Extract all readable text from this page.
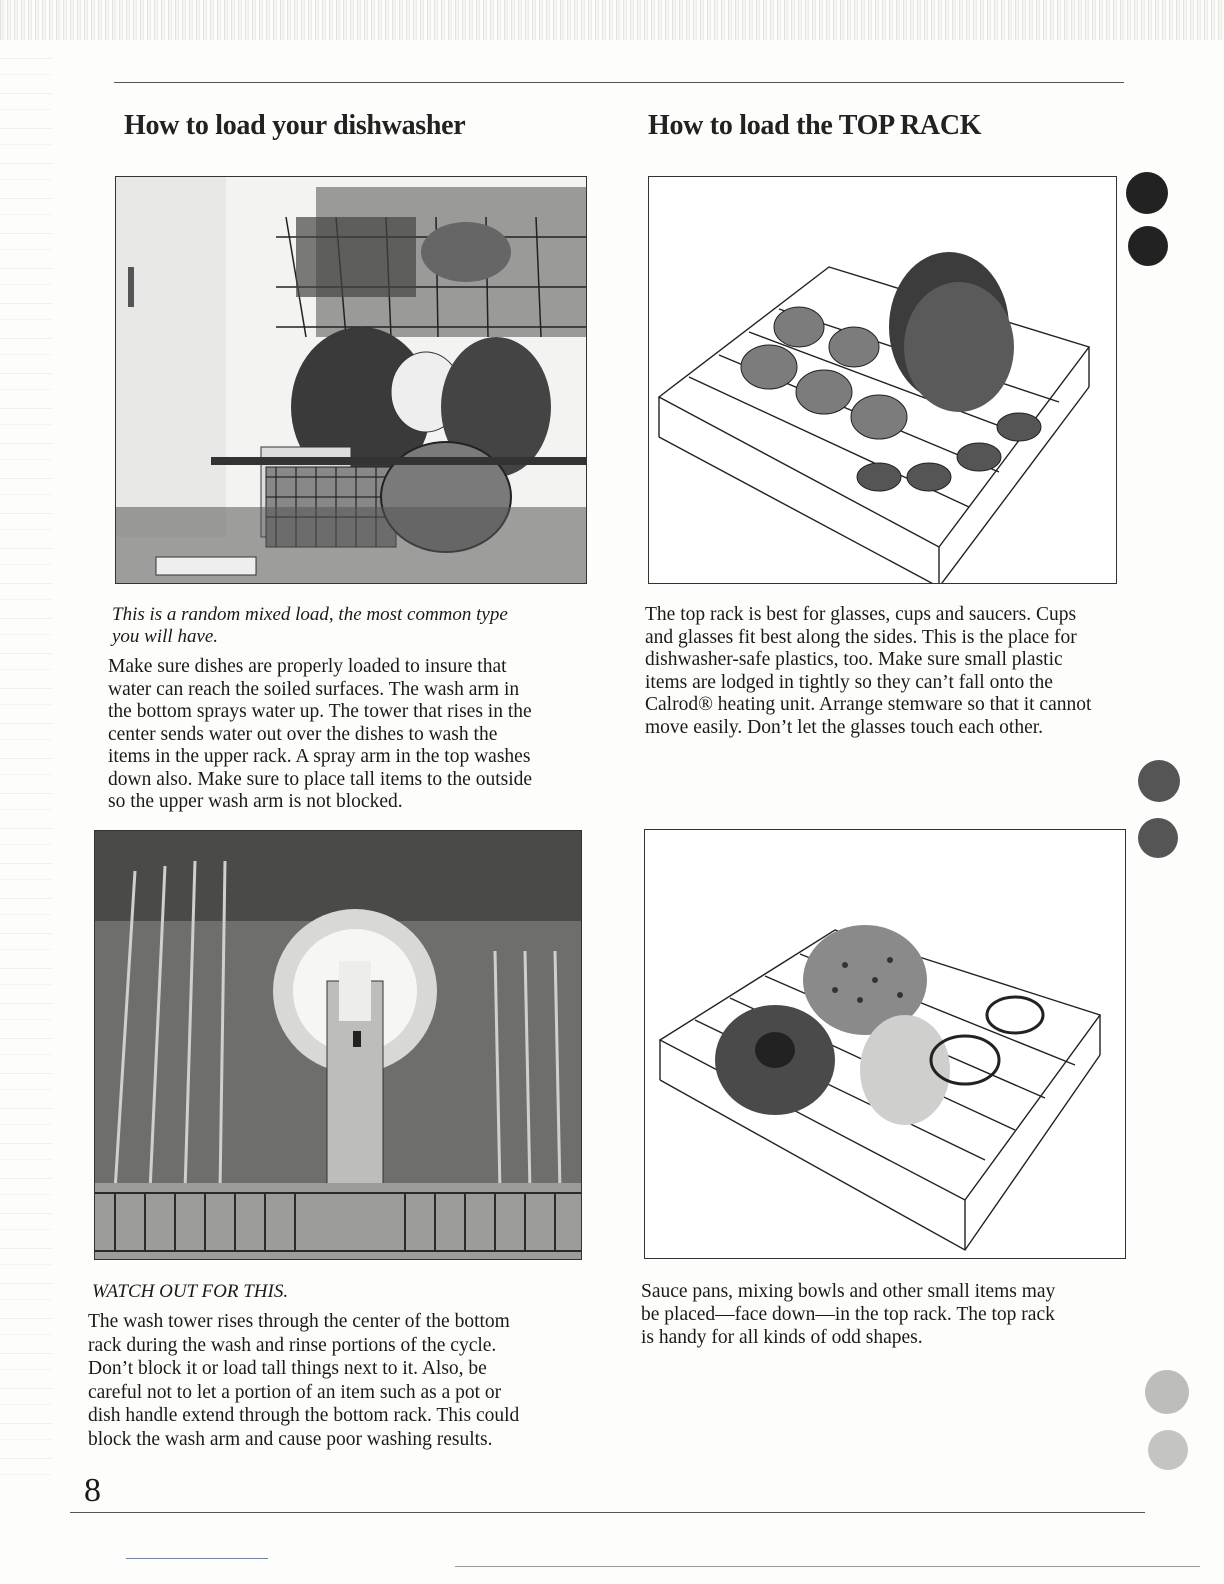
How to load your dishwasher	How to load the TOP RACK
This is a random mixed load, the most common type
you will have.
Make sure dishes are properly loaded to insure that
water can reach the soiled surfaces. The wash arm in
the bottom sprays water up. The tower that rises in the
center sends water out over the dishes to wash the
items in the upper rack. A spray arm in the top washes
down also. Make sure to place tall items to the outside
so the upper wash arm is not blocked.
WATCH OUT FOR THIS.
The wash tower rises through the center of the bottom
rack during the wash and rinse portions of the cycle.
Don’t block it or load tall things next to it. Also, be
careful not to let a portion of an item such as a pot or
dish handle extend through the bottom rack. This could
block the wash arm and cause poor washing results.
The top rack is best for glasses, cups and saucers. Cups
and glasses fit best along the sides. This is the place for
dishwasher-safe plastics, too. Make sure small plastic
items are lodged in tightly so they can’t fall onto the
Calrod® heating unit. Arrange stemware so that it cannot
move easily. Don’t let the glasses touch each other.
Sauce pans, mixing bowls and other small items may
be placed—face down—in the top rack. The top rack
is handy for all kinds of odd shapes.
8
